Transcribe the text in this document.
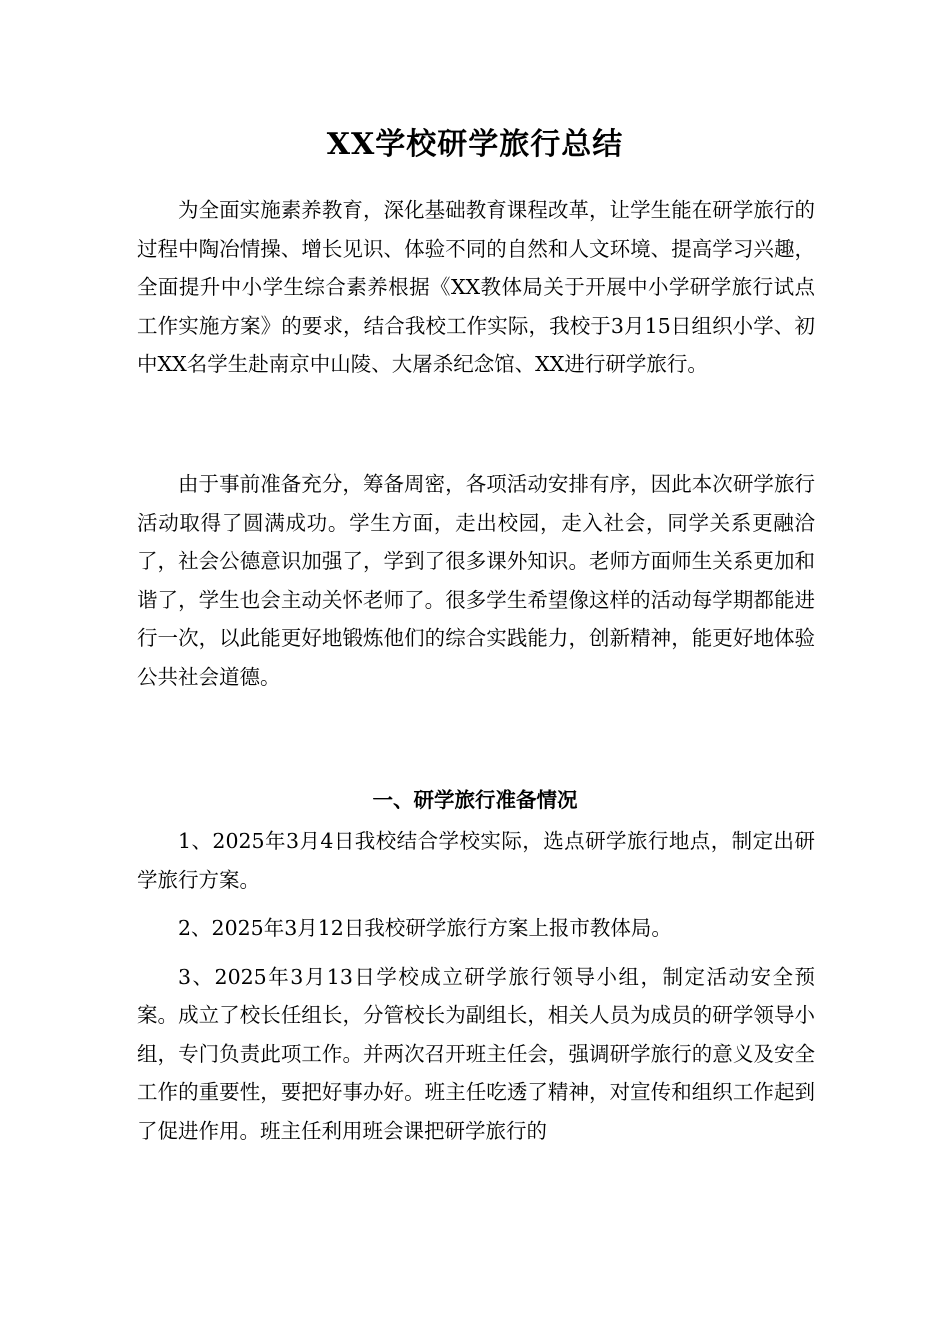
XX学校研学旅行总结

为全面实施素养教育，深化基础教育课程改革，让学生能在研学旅行的过程中陶冶情操、增长见识、体验不同的自然和人文环境、提高学习兴趣，全面提升中小学生综合素养根据《XX教体局关于开展中小学研学旅行试点工作实施方案》的要求，结合我校工作实际，我校于3月15日组织小学、初中XX名学生赴南京中山陵、大屠杀纪念馆、XX进行研学旅行。

由于事前准备充分，筹备周密，各项活动安排有序，因此本次研学旅行活动取得了圆满成功。学生方面，走出校园，走入社会，同学关系更融洽了，社会公德意识加强了，学到了很多课外知识。老师方面师生关系更加和谐了，学生也会主动关怀老师了。很多学生希望像这样的活动每学期都能进行一次，以此能更好地锻炼他们的综合实践能力，创新精神，能更好地体验公共社会道德。

一、研学旅行准备情况

1、2025年3月4日我校结合学校实际，选点研学旅行地点，制定出研学旅行方案。

2、2025年3月12日我校研学旅行方案上报市教体局。

3、2025年3月13日学校成立研学旅行领导小组，制定活动安全预案。成立了校长任组长，分管校长为副组长，相关人员为成员的研学领导小组，专门负责此项工作。并两次召开班主任会，强调研学旅行的意义及安全工作的重要性，要把好事办好。班主任吃透了精神，对宣传和组织工作起到了促进作用。班主任利用班会课把研学旅行的
